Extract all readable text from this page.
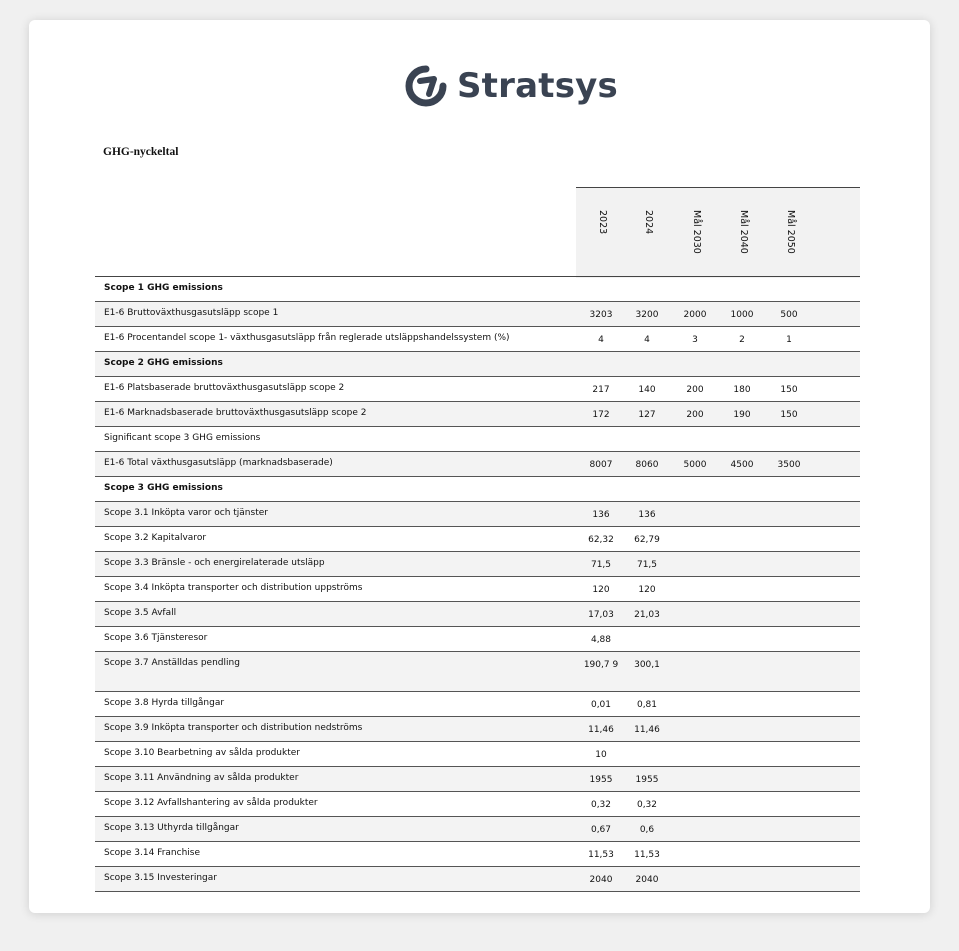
Stratsys
GHG-nyckeltal
2023	2024	Mål 2030	Mål 2040	Mål 2050
Scope 1 GHG emissions
E1-6 Bruttoväxthusgasutsläpp scope 1	3203	3200	2000	1000	500
E1-6 Procentandel scope 1- växthusgasutsläpp från reglerade utsläppshandelssystem (%)	4	4	3	2	1
Scope 2 GHG emissions
E1-6 Platsbaserade bruttoväxthusgasutsläpp scope 2	217	140	200	180	150
E1-6 Marknadsbaserade bruttoväxthusgasutsläpp scope 2	172	127	200	190	150
Significant scope 3 GHG emissions
E1-6 Total växthusgasutsläpp (marknadsbaserade)	8007	8060	5000	4500	3500
Scope 3 GHG emissions
Scope 3.1 Inköpta varor och tjänster	136	136
Scope 3.2 Kapitalvaror	62,32	62,79
Scope 3.3 Bränsle - och energirelaterade utsläpp	71,5	71,5
Scope 3.4 Inköpta transporter och distribution uppströms	120	120
Scope 3.5 Avfall	17,03	21,03
Scope 3.6 Tjänsteresor	4,88
Scope 3.7 Anställdas pendling	190,7 9	300,1
Scope 3.8 Hyrda tillgångar	0,01	0,81
Scope 3.9 Inköpta transporter och distribution nedströms	11,46	11,46
Scope 3.10 Bearbetning av sålda produkter	10
Scope 3.11 Användning av sålda produkter	1955	1955
Scope 3.12 Avfallshantering av sålda produkter	0,32	0,32
Scope 3.13 Uthyrda tillgångar	0,67	0,6
Scope 3.14 Franchise	11,53	11,53
Scope 3.15 Investeringar	2040	2040
